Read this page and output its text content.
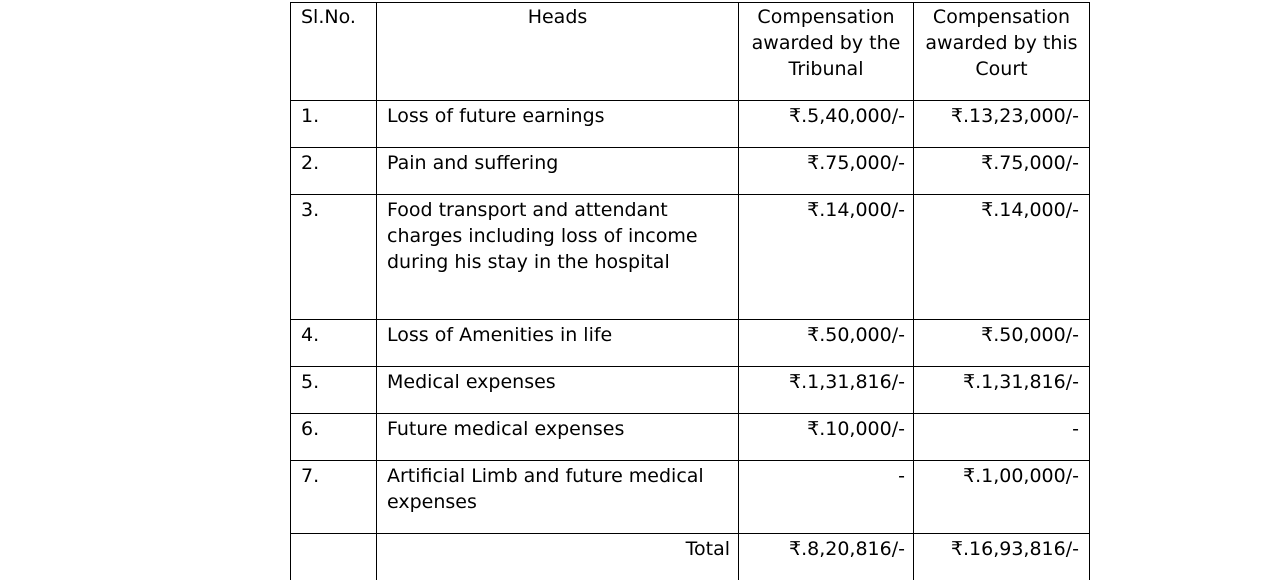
Sl.No.	Heads	Compensation awarded by the Tribunal	Compensation awarded by this Court
1.	Loss of future earnings	₹.5,40,000/-	₹.13,23,000/-
2.	Pain and suffering	₹.75,000/-	₹.75,000/-
3.	Food transport and attendant charges including loss of income during his stay in the hospital	₹.14,000/-	₹.14,000/-
4.	Loss of Amenities in life	₹.50,000/-	₹.50,000/-
5.	Medical expenses	₹.1,31,816/-	₹.1,31,816/-
6.	Future medical expenses	₹.10,000/-	-
7.	Artificial Limb and future medical expenses	-	₹.1,00,000/-
	Total	₹.8,20,816/-	₹.16,93,816/-
